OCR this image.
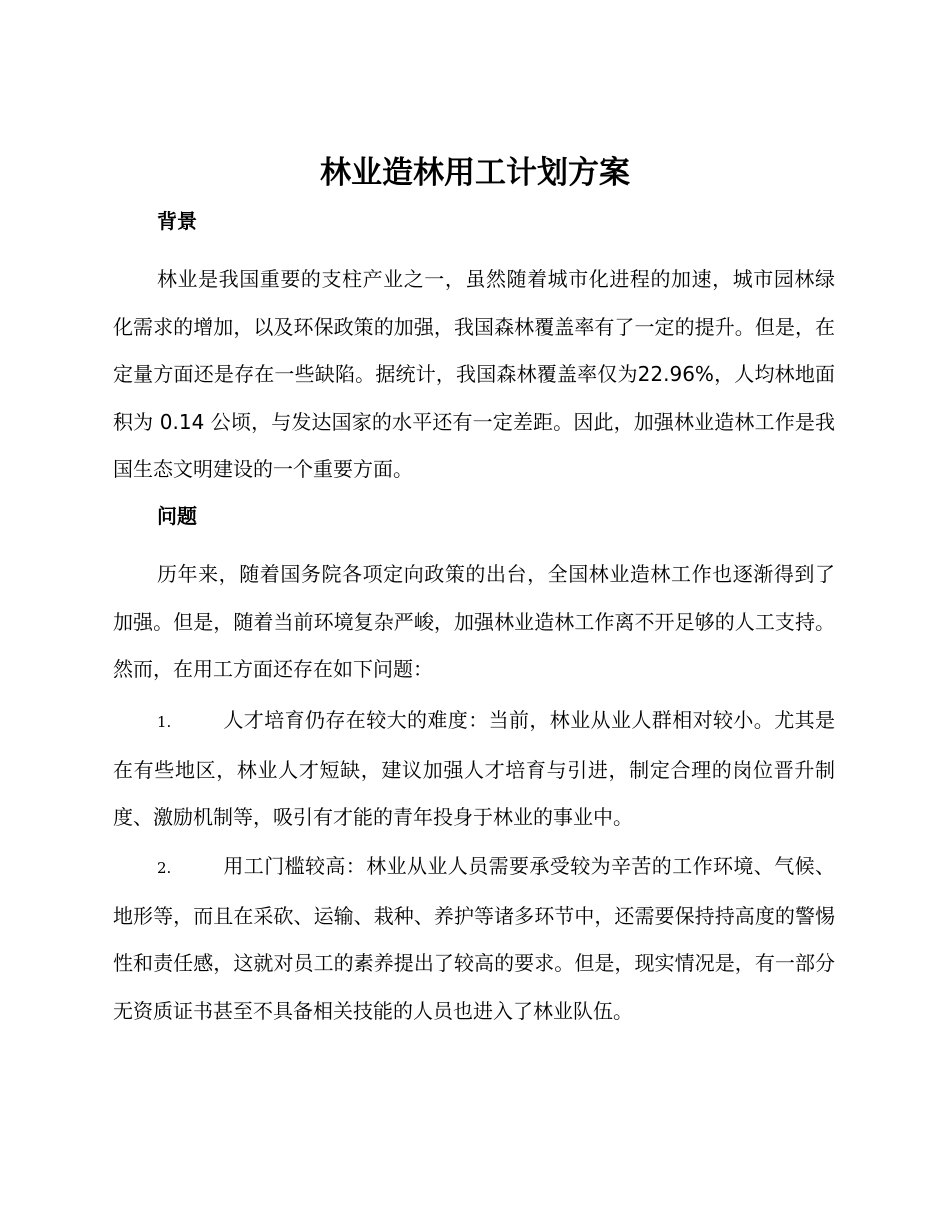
林业造林用工计划方案
背景

林业是我国重要的支柱产业之一，虽然随着城市化进程的加速，城市园林绿化需求的增加，以及环保政策的加强，我国森林覆盖率有了一定的提升。但是，在定量方面还是存在一些缺陷。据统计，我国森林覆盖率仅为22.96%，人均林地面积为 0.14 公顷，与发达国家的水平还有一定差距。因此，加强林业造林工作是我国生态文明建设的一个重要方面。

问题

历年来，随着国务院各项定向政策的出台，全国林业造林工作也逐渐得到了加强。但是，随着当前环境复杂严峻，加强林业造林工作离不开足够的人工支持。然而，在用工方面还存在如下问题：

1.	人才培育仍存在较大的难度：当前，林业从业人群相对较小。尤其是在有些地区，林业人才短缺，建议加强人才培育与引进，制定合理的岗位晋升制度、激励机制等，吸引有才能的青年投身于林业的事业中。

2.	用工门槛较高：林业从业人员需要承受较为辛苦的工作环境、气候、地形等，而且在采砍、运输、栽种、养护等诸多环节中，还需要保持持高度的警惕性和责任感，这就对员工的素养提出了较高的要求。但是，现实情况是，有一部分无资质证书甚至不具备相关技能的人员也进入了林业队伍。
